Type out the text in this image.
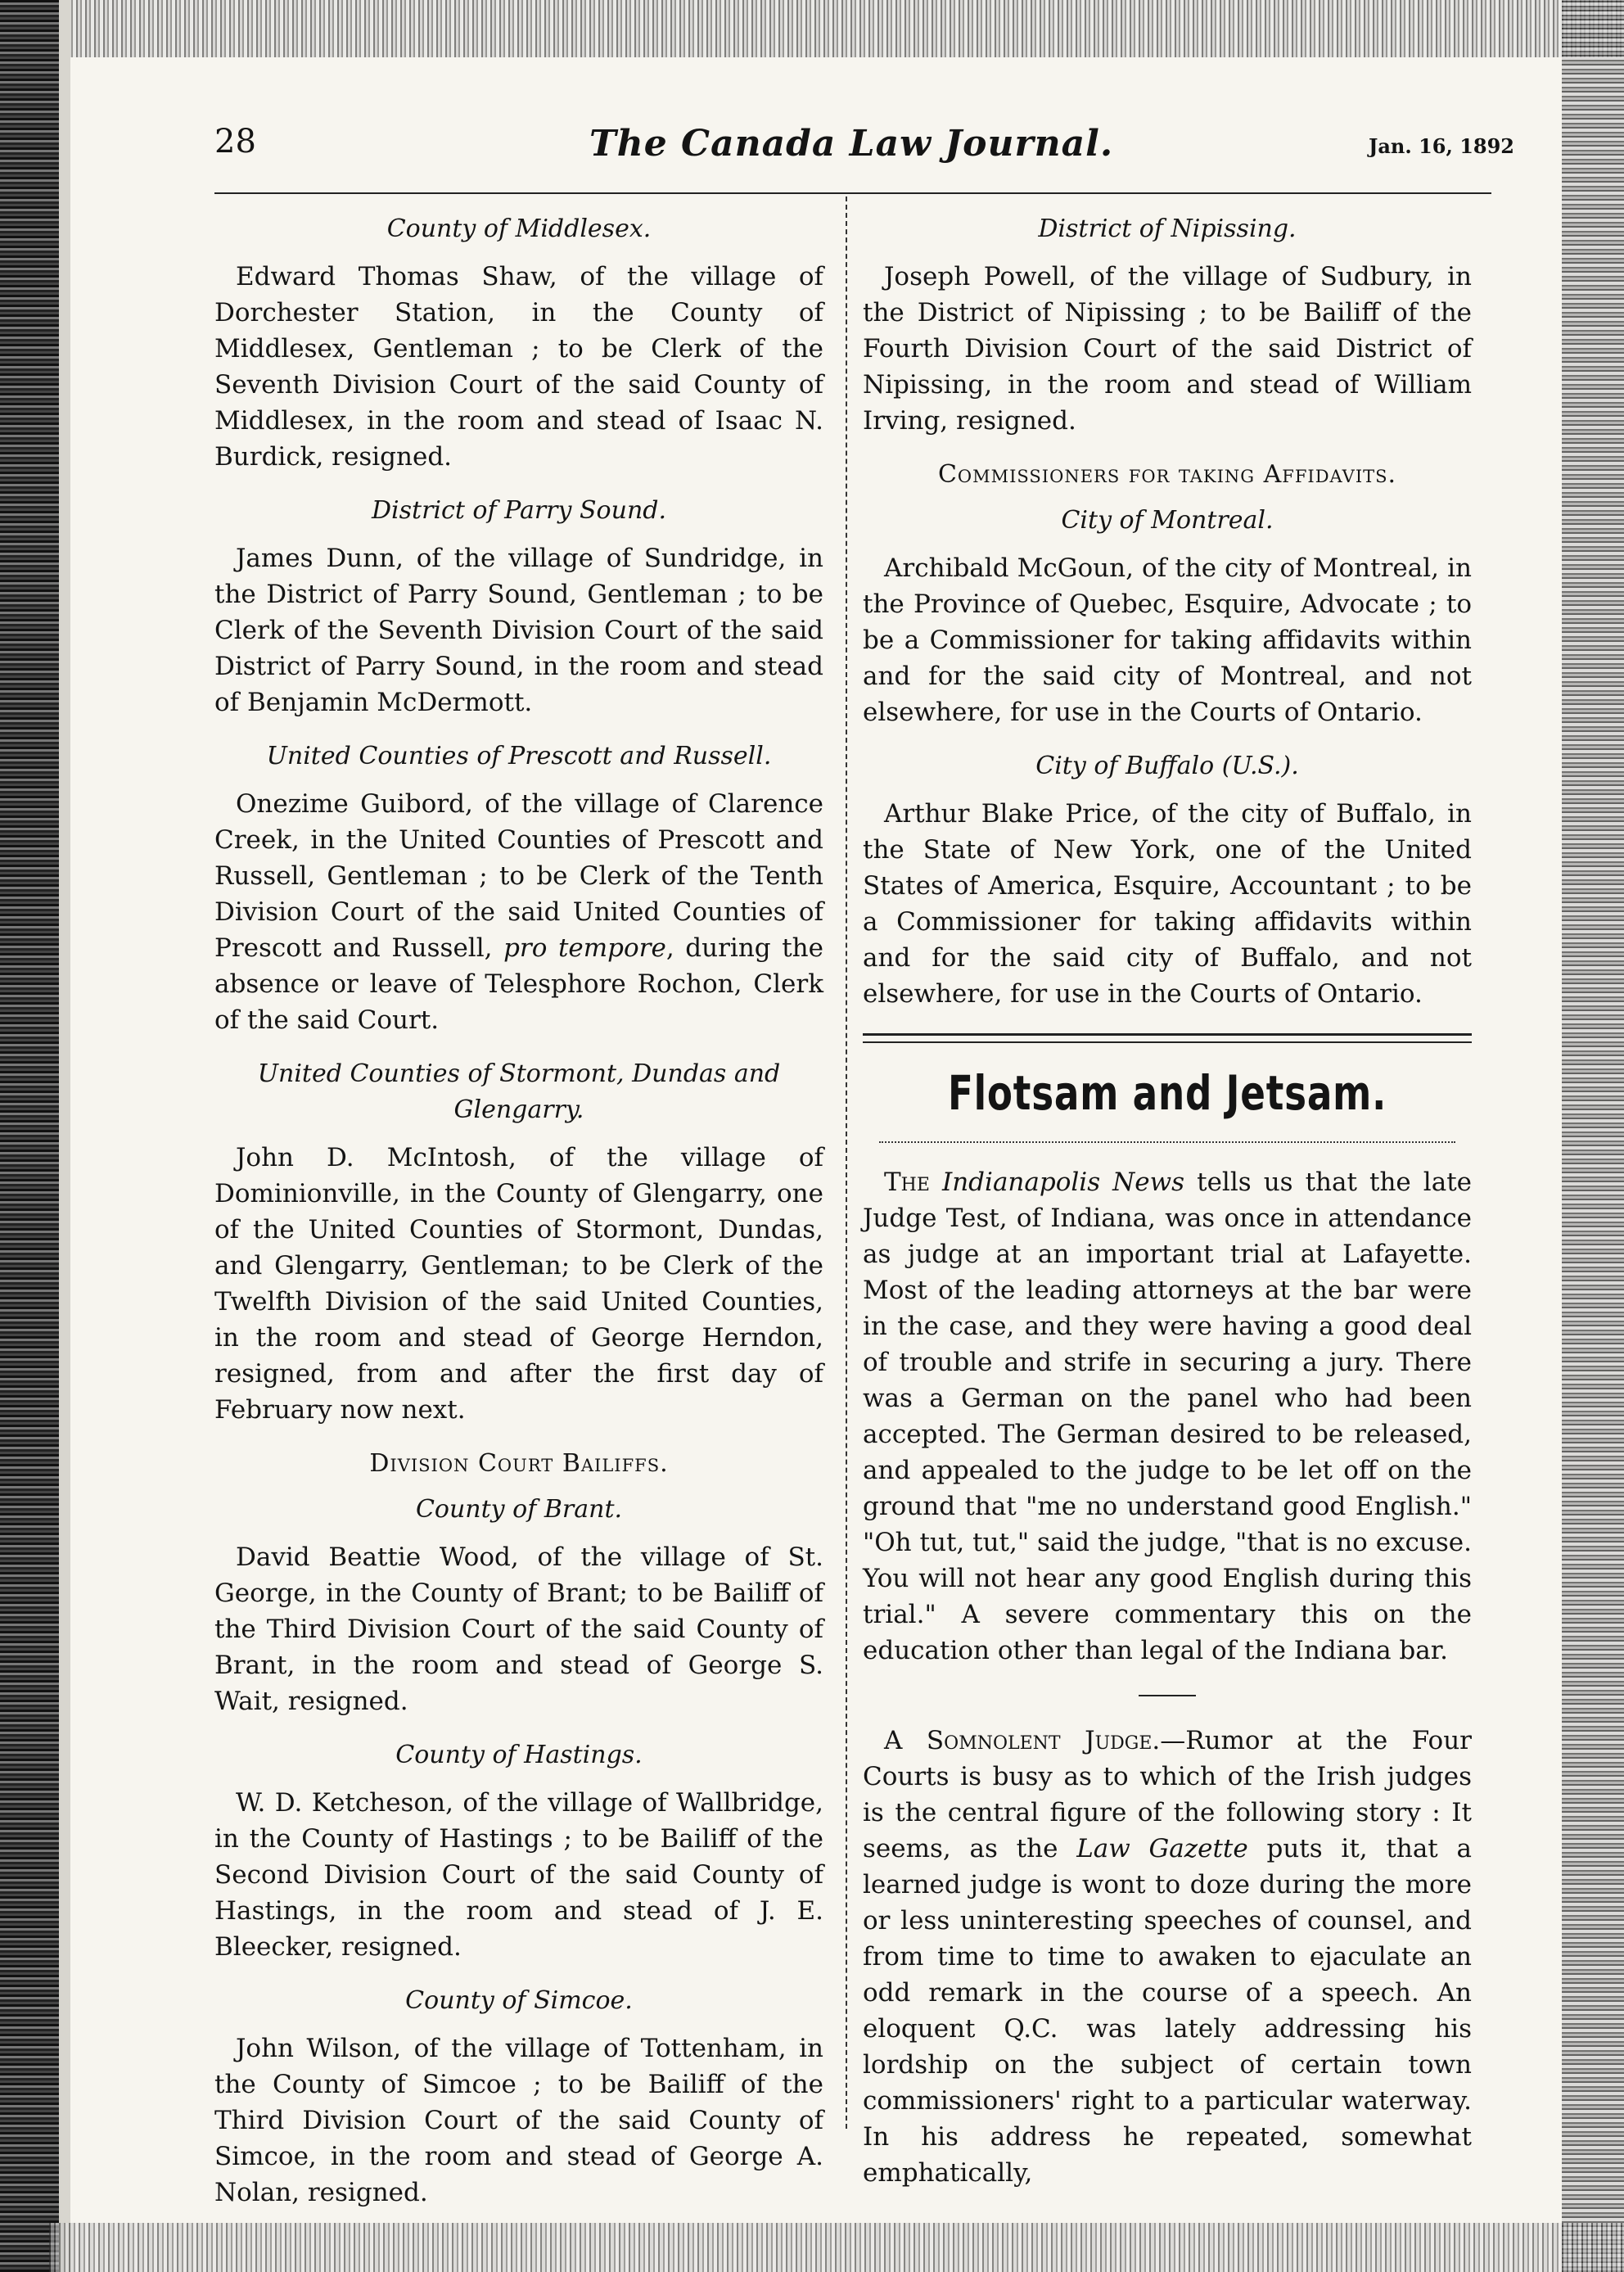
28	The Canada Law Journal.	Jan. 16, 1892
County of Middlesex.

Edward Thomas Shaw, of the village of Dorchester Station, in the County of Middlesex, Gentleman ; to be Clerk of the Seventh Division Court of the said County of Middlesex, in the room and stead of Isaac N. Burdick, resigned.

District of Parry Sound.

James Dunn, of the village of Sundridge, in the District of Parry Sound, Gentleman ; to be Clerk of the Seventh Division Court of the said District of Parry Sound, in the room and stead of Benjamin McDermott.

United Counties of Prescott and Russell.

Onezime Guibord, of the village of Clarence Creek, in the United Counties of Prescott and Russell, Gentleman ; to be Clerk of the Tenth Division Court of the said United Counties of Prescott and Russell, pro tempore, during the absence or leave of Telesphore Rochon, Clerk of the said Court.

United Counties of Stormont, Dundas and Glengarry.

John D. McIntosh, of the village of Dominionville, in the County of Glengarry, one of the United Counties of Stormont, Dundas, and Glengarry, Gentleman; to be Clerk of the Twelfth Division of the said United Counties, in the room and stead of George Herndon, resigned, from and after the first day of February now next.

Division Court Bailiffs.
County of Brant.

David Beattie Wood, of the village of St. George, in the County of Brant; to be Bailiff of the Third Division Court of the said County of Brant, in the room and stead of George S. Wait, resigned.

County of Hastings.

W. D. Ketcheson, of the village of Wallbridge, in the County of Hastings ; to be Bailiff of the Second Division Court of the said County of Hastings, in the room and stead of J. E. Bleecker, resigned.

County of Simcoe.

John Wilson, of the village of Tottenham, in the County of Simcoe ; to be Bailiff of the Third Division Court of the said County of Simcoe, in the room and stead of George A. Nolan, resigned.

District of Nipissing.

Joseph Powell, of the village of Sudbury, in the District of Nipissing ; to be Bailiff of the Fourth Division Court of the said District of Nipissing, in the room and stead of William Irving, resigned.

Commissioners for taking Affidavits.
City of Montreal.

Archibald McGoun, of the city of Montreal, in the Province of Quebec, Esquire, Advocate ; to be a Commissioner for taking affidavits within and for the said city of Montreal, and not elsewhere, for use in the Courts of Ontario.

City of Buffalo (U.S.).

Arthur Blake Price, of the city of Buffalo, in the State of New York, one of the United States of America, Esquire, Accountant ; to be a Commissioner for taking affidavits within and for the said city of Buffalo, and not elsewhere, for use in the Courts of Ontario.

Flotsam and Jetsam.

The Indianapolis News tells us that the late Judge Test, of Indiana, was once in attendance as judge at an important trial at Lafayette. Most of the leading attorneys at the bar were in the case, and they were having a good deal of trouble and strife in securing a jury. There was a German on the panel who had been accepted. The German desired to be released, and appealed to the judge to be let off on the ground that "me no understand good English." "Oh tut, tut," said the judge, "that is no excuse. You will not hear any good English during this trial." A severe commentary this on the education other than legal of the Indiana bar.

A Somnolent Judge.—Rumor at the Four Courts is busy as to which of the Irish judges is the central figure of the following story : It seems, as the Law Gazette puts it, that a learned judge is wont to doze during the more or less uninteresting speeches of counsel, and from time to time to awaken to ejaculate an odd remark in the course of a speech. An eloquent Q.C. was lately addressing his lordship on the subject of certain town commissioners' right to a particular waterway. In his address he repeated, somewhat emphatically,
